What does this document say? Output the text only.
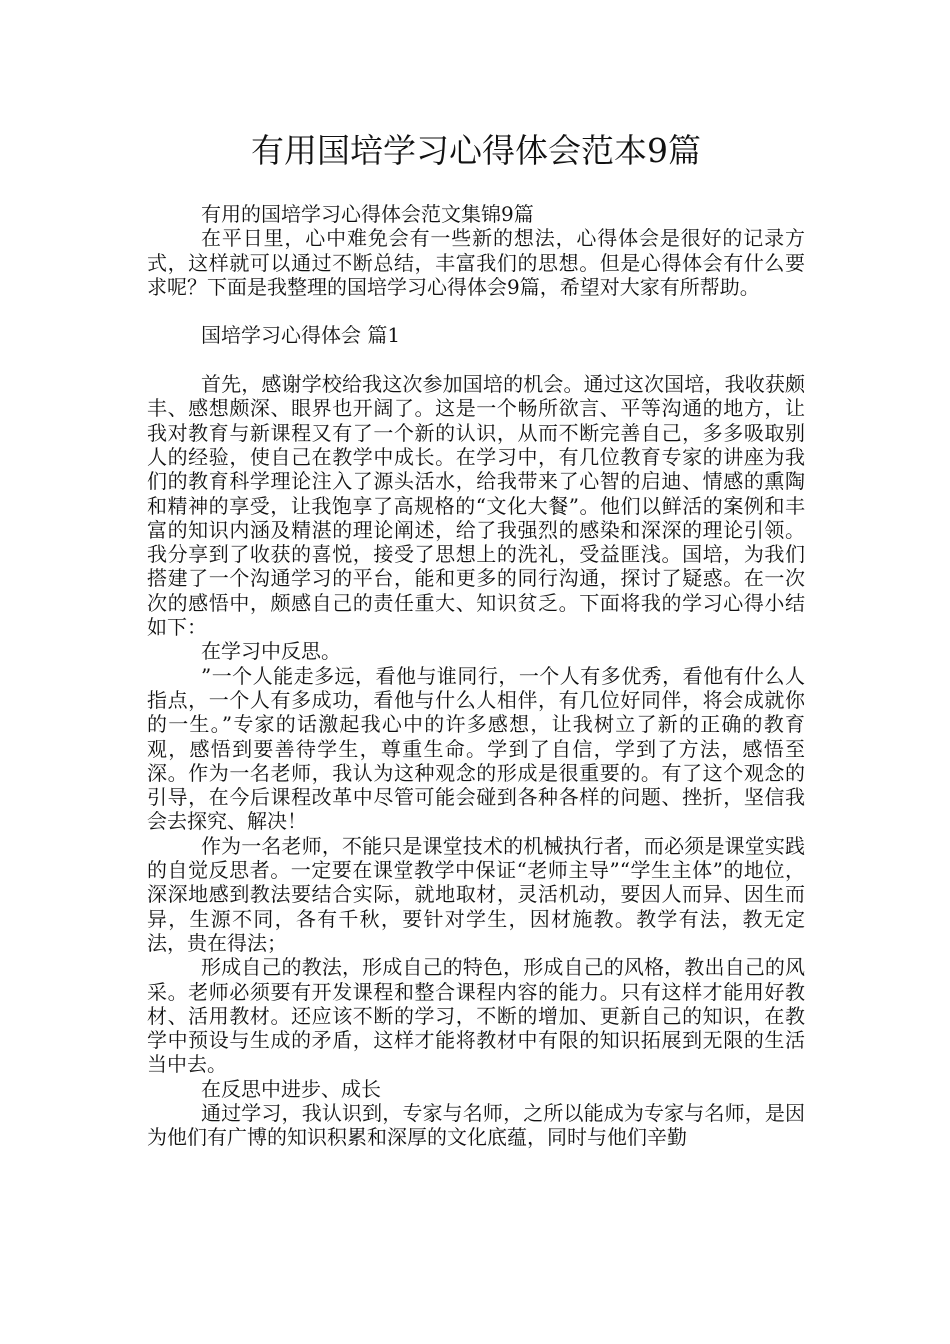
有用国培学习心得体会范本9篇

有用的国培学习心得体会范文集锦9篇

在平日里，心中难免会有一些新的想法，心得体会是很好的记录方式，这样就可以通过不断总结，丰富我们的思想。但是心得体会有什么要求呢？下面是我整理的国培学习心得体会9篇，希望对大家有所帮助。

国培学习心得体会 篇1

首先，感谢学校给我这次参加国培的机会。通过这次国培，我收获颇丰、感想颇深、眼界也开阔了。这是一个畅所欲言、平等沟通的地方，让我对教育与新课程又有了一个新的认识，从而不断完善自己，多多吸取别人的经验，使自己在教学中成长。在学习中，有几位教育专家的讲座为我们的教育科学理论注入了源头活水，给我带来了心智的启迪、情感的熏陶和精神的享受，让我饱享了高规格的“文化大餐”。他们以鲜活的案例和丰富的知识内涵及精湛的理论阐述，给了我强烈的感染和深深的理论引领。我分享到了收获的喜悦，接受了思想上的洗礼，受益匪浅。国培，为我们搭建了一个沟通学习的平台，能和更多的同行沟通，探讨了疑惑。在一次次的感悟中，颇感自己的责任重大、知识贫乏。下面将我的学习心得小结如下：

在学习中反思。

”一个人能走多远，看他与谁同行，一个人有多优秀，看他有什么人指点，一个人有多成功，看他与什么人相伴，有几位好同伴，将会成就你的一生。”专家的话激起我心中的许多感想，让我树立了新的正确的教育观，感悟到要善待学生，尊重生命。学到了自信，学到了方法，感悟至深。作为一名老师，我认为这种观念的形成是很重要的。有了这个观念的引导，在今后课程改革中尽管可能会碰到各种各样的问题、挫折，坚信我会去探究、解决！

作为一名老师，不能只是课堂技术的机械执行者，而必须是课堂实践的自觉反思者。一定要在课堂教学中保证“老师主导”“学生主体”的地位，深深地感到教法要结合实际，就地取材，灵活机动，要因人而异、因生而异，生源不同，各有千秋，要针对学生，因材施教。教学有法，教无定法，贵在得法；

形成自己的教法，形成自己的特色，形成自己的风格，教出自己的风采。老师必须要有开发课程和整合课程内容的能力。只有这样才能用好教材、活用教材。还应该不断的学习，不断的增加、更新自己的知识，在教学中预设与生成的矛盾，这样才能将教材中有限的知识拓展到无限的生活当中去。

在反思中进步、成长

通过学习，我认识到，专家与名师，之所以能成为专家与名师，是因为他们有广博的知识积累和深厚的文化底蕴，同时与他们辛勤
